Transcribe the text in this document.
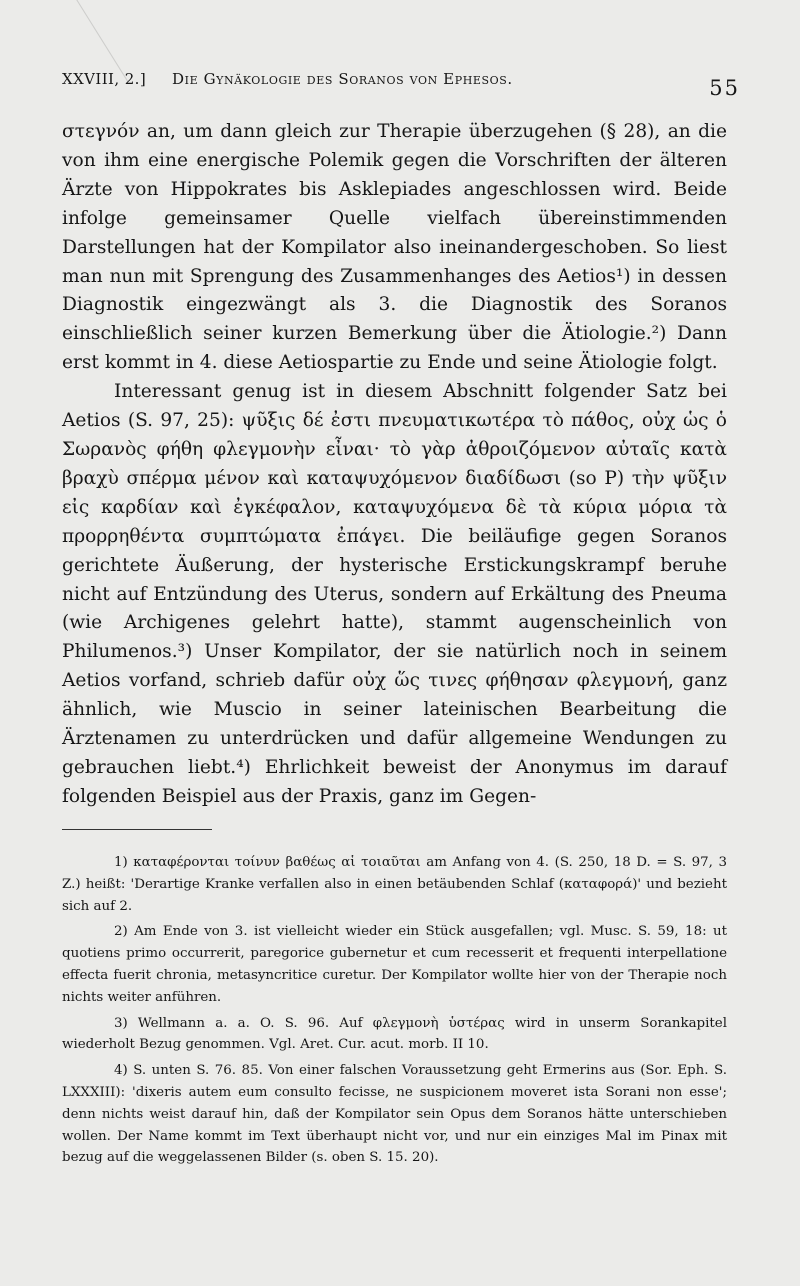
XXVIII, 2.] Die Gynäkologie des Soranos von Ephesos.	55

στεγνόν an, um dann gleich zur Therapie überzugehen (§ 28), an die von ihm eine energische Polemik gegen die Vorschriften der älteren Ärzte von Hippokrates bis Asklepiades angeschlossen wird. Beide infolge gemeinsamer Quelle vielfach übereinstimmenden Darstellungen hat der Kompilator also ineinandergeschoben. So liest man nun mit Sprengung des Zusammenhanges des Aetios¹) in dessen Diagnostik eingezwängt als 3. die Diagnostik des Soranos einschließlich seiner kurzen Bemerkung über die Ätiologie.²) Dann erst kommt in 4. diese Aetiospartie zu Ende und seine Ätiologie folgt.

Interessant genug ist in diesem Abschnitt folgender Satz bei Aetios (S. 97, 25): ψῦξις δέ ἐστι πνευματικωτέρα τὸ πάθος, οὐχ ὡς ὁ Σωρανὸς φήθη φλεγμονὴν εἶναι· τὸ γὰρ ἀθροιζόμενον αὐταῖς κατὰ βραχὺ σπέρμα μένον καὶ καταψυχόμενον διαδίδωσι (so P) τὴν ψῦξιν εἰς καρδίαν καὶ ἐγκέφαλον, καταψυχόμενα δὲ τὰ κύρια μόρια τὰ προρρηθέντα συμπτώματα ἐπάγει. Die beiläufige gegen Soranos gerichtete Äußerung, der hysterische Erstickungskrampf beruhe nicht auf Entzündung des Uterus, sondern auf Erkältung des Pneuma (wie Archigenes gelehrt hatte), stammt augenscheinlich von Philumenos.³) Unser Kompilator, der sie natürlich noch in seinem Aetios vorfand, schrieb dafür οὐχ ὥς τινες φήθησαν φλεγμονή, ganz ähnlich, wie Muscio in seiner lateinischen Bearbeitung die Ärztenamen zu unterdrücken und dafür allgemeine Wendungen zu gebrauchen liebt.⁴) Ehrlichkeit beweist der Anonymus im darauf folgenden Beispiel aus der Praxis, ganz im Gegen-

1) καταφέρονται τοίνυν βαθέως αἱ τοιαῦται am Anfang von 4. (S. 250, 18 D. = S. 97, 3 Z.) heißt: 'Derartige Kranke verfallen also in einen betäubenden Schlaf (καταφορά)' und bezieht sich auf 2.

2) Am Ende von 3. ist vielleicht wieder ein Stück ausgefallen; vgl. Musc. S. 59, 18: ut quotiens primo occurrerit, paregorice gubernetur et cum recesserit et frequenti interpellatione effecta fuerit chronia, metasyncritice curetur. Der Kompilator wollte hier von der Therapie noch nichts weiter anführen.

3) Wellmann a. a. O. S. 96. Auf φλεγμονὴ ὑστέρας wird in unserm Sorankapitel wiederholt Bezug genommen. Vgl. Aret. Cur. acut. morb. II 10.

4) S. unten S. 76. 85. Von einer falschen Voraussetzung geht Ermerins aus (Sor. Eph. S. LXXXIII): 'dixeris autem eum consulto fecisse, ne suspicionem moveret ista Sorani non esse'; denn nichts weist darauf hin, daß der Kompilator sein Opus dem Soranos hätte unterschieben wollen. Der Name kommt im Text überhaupt nicht vor, und nur ein einziges Mal im Pinax mit bezug auf die weggelassenen Bilder (s. oben S. 15. 20).
